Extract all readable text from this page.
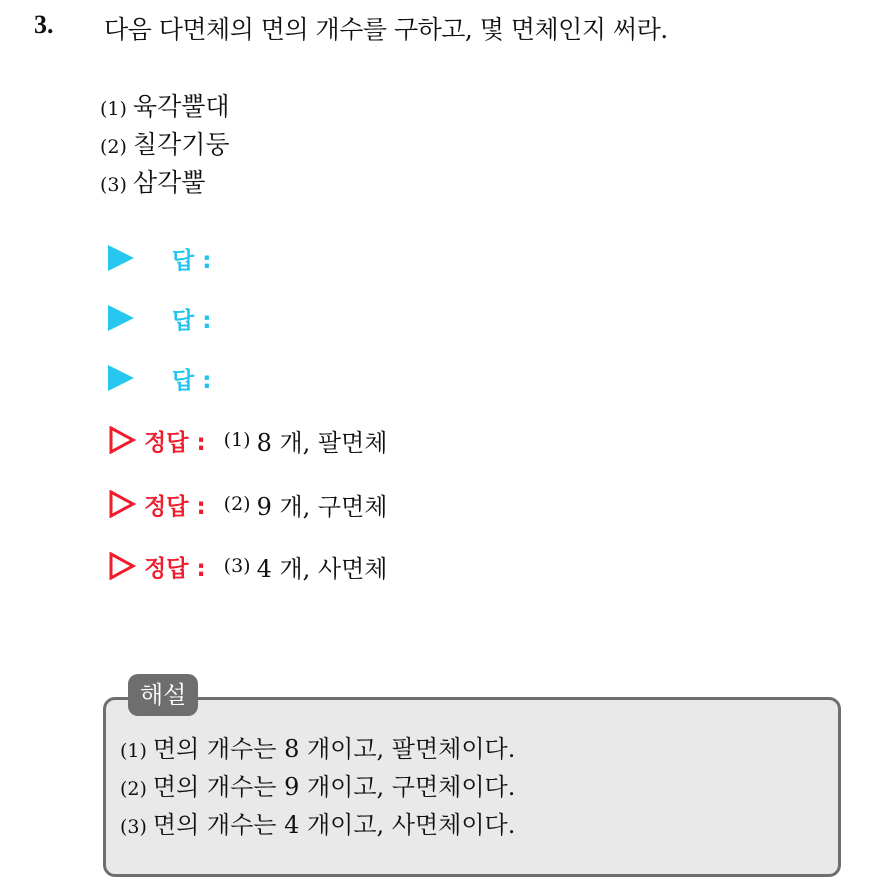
3. 다음 다면체의 면의 개수를 구하고, 몇 면체인지 써라.
(1) 육각뿔대
(2) 칠각기둥
(3) 삼각뿔
답 :
답 :
답 :
정답 : (1) 8 개, 팔면체
정답 : (2) 9 개, 구면체
정답 : (3) 4 개, 사면체
해설
(1) 면의 개수는 8 개이고, 팔면체이다.
(2) 면의 개수는 9 개이고, 구면체이다.
(3) 면의 개수는 4 개이고, 사면체이다.
